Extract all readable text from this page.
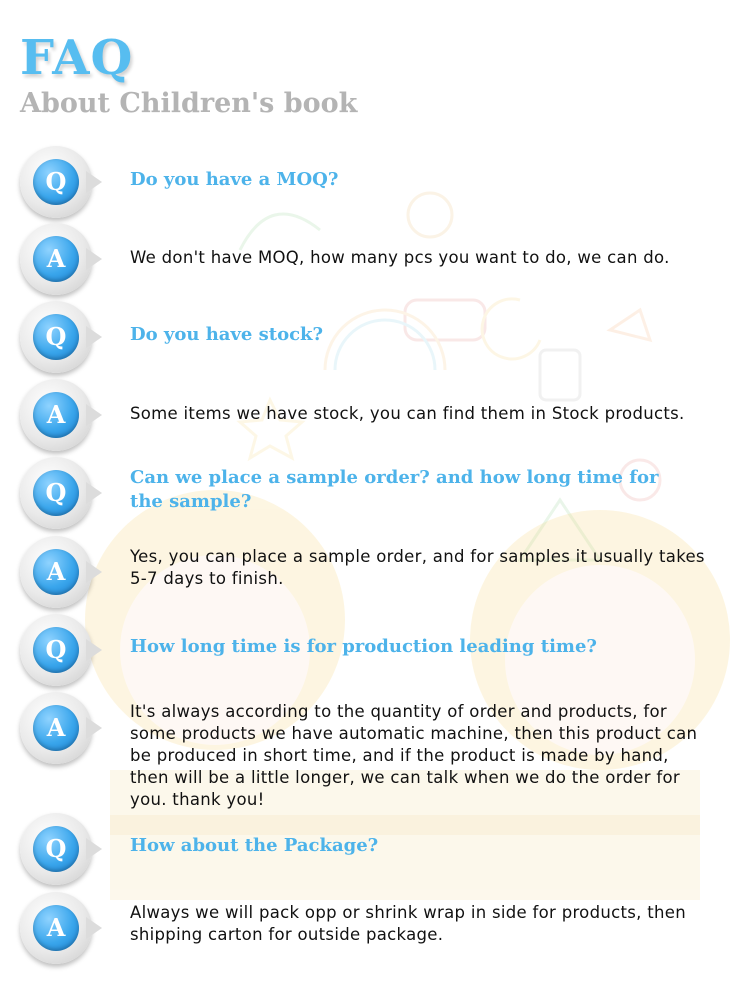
FAQ
About Children's book
Q	Do you have a MOQ?
A	We don't have MOQ, how many pcs you want to do, we can do.
Q	Do you have stock?
A	Some items we have stock, you can find them in Stock products.
Q
Can we place a sample order? and how long time for the sample?
A
Yes, you can place a sample order, and for samples it usually takes 5-7 days to finish.
Q	How long time is for production leading time?
A
It's always according to the quantity of order and products, for some products we have automatic machine, then this product can be produced in short time, and if the product is made by hand, then will be a little longer, we can talk when we do the order for you. thank you!
Q	How about the Package?
A
Always we will pack opp or shrink wrap in side for products, then shipping carton for outside package.
